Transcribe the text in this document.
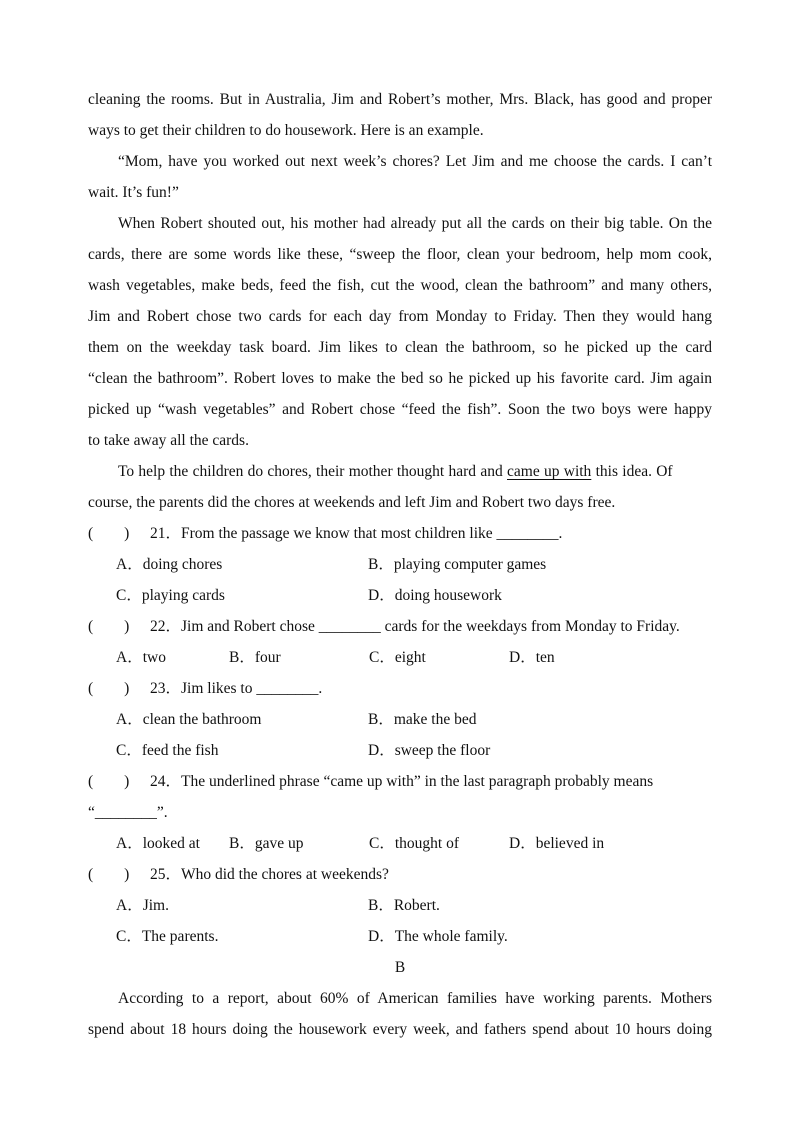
cleaning the rooms. But in Australia, Jim and Robert’s mother, Mrs. Black, has good and proper
ways to get their children to do housework. Here is an example.
“Mom, have you worked out next week’s chores? Let Jim and me choose the cards. I can’t
wait. It’s fun!”
When Robert shouted out, his mother had already put all the cards on their big table. On the
cards, there are some words like these, “sweep the floor, clean your bedroom, help mom cook,
wash vegetables, make beds, feed the fish, cut the wood, clean the bathroom” and many others,
Jim and Robert chose two cards for each day from Monday to Friday. Then they would hang
them on the weekday task board. Jim likes to clean the bathroom, so he picked up the card
“clean the bathroom”. Robert loves to make the bed so he picked up his favorite card. Jim again
picked up “wash vegetables” and Robert chose “feed the fish”. Soon the two boys were happy
to take away all the cards.
To help the children do chores, their mother thought hard and came up with this idea. Of
course, the parents did the chores at weekends and left Jim and Robert two days free.
(　　)	21．From the passage we know that most children like ________.
A．doing chores	B．playing computer games
C．playing cards	D．doing housework
(　　)	22．Jim and Robert chose ________ cards for the weekdays from Monday to Friday.
A．two	B．four	C．eight	D．ten
(　　)	23．Jim likes to ________.
A．clean the bathroom	B．make the bed
C．feed the fish	D．sweep the floor
(　　)	24．The underlined phrase “came up with” in the last paragraph probably means
“________”.
A．looked at	B．gave up	C．thought of	D．believed in
(　　)	25．Who did the chores at weekends?
A．Jim.	B．Robert.
C．The parents.	D．The whole family.
B
According to a report, about 60% of American families have working parents. Mothers
spend about 18 hours doing the housework every week, and fathers spend about 10 hours doing
